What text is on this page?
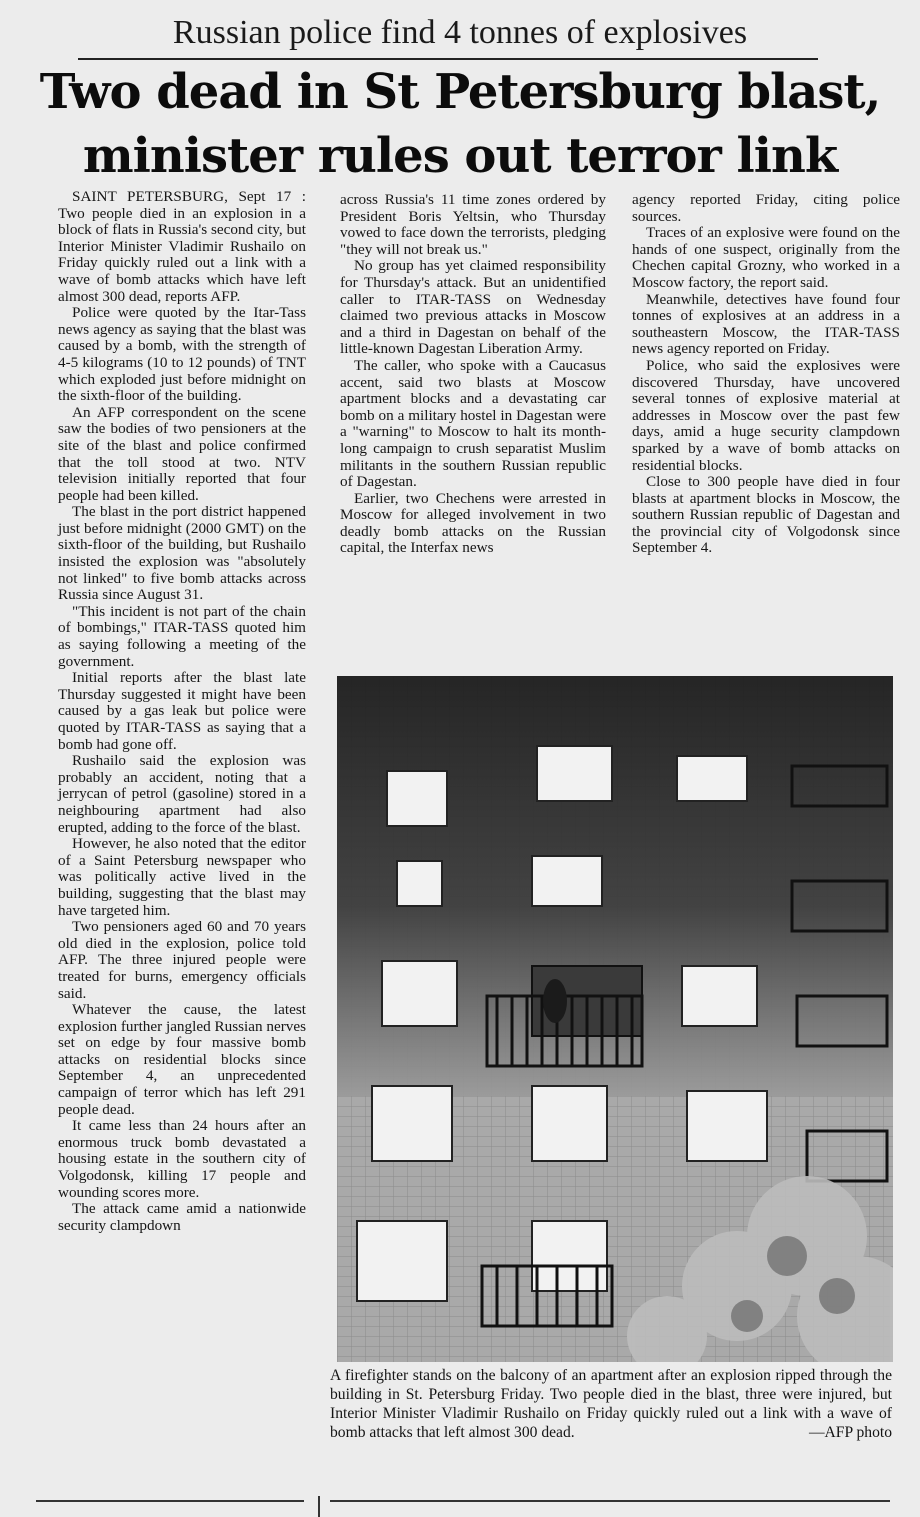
Russian police find 4 tonnes of explosives
Two dead in St Petersburg blast,
minister rules out terror link

SAINT PETERSBURG, Sept 17 : Two people died in an explosion in a block of flats in Russia's second city, but Interior Minister Vladimir Rushailo on Friday quickly ruled out a link with a wave of bomb attacks which have left almost 300 dead, reports AFP.

Police were quoted by the Itar-Tass news agency as saying that the blast was caused by a bomb, with the strength of 4-5 kilograms (10 to 12 pounds) of TNT which exploded just before midnight on the sixth-floor of the building.

An AFP correspondent on the scene saw the bodies of two pensioners at the site of the blast and police confirmed that the toll stood at two. NTV television initially reported that four people had been killed.

The blast in the port district happened just before midnight (2000 GMT) on the sixth-floor of the building, but Rushailo insisted the explosion was "absolutely not linked" to five bomb attacks across Russia since August 31.

"This incident is not part of the chain of bombings," ITAR-TASS quoted him as saying following a meeting of the government.

Initial reports after the blast late Thursday suggested it might have been caused by a gas leak but police were quoted by ITAR-TASS as saying that a bomb had gone off.

Rushailo said the explosion was probably an accident, noting that a jerrycan of petrol (gasoline) stored in a neighbouring apartment had also erupted, adding to the force of the blast.

However, he also noted that the editor of a Saint Petersburg newspaper who was politically active lived in the building, suggesting that the blast may have targeted him.

Two pensioners aged 60 and 70 years old died in the explosion, police told AFP. The three injured people were treated for burns, emergency officials said.

Whatever the cause, the latest explosion further jangled Russian nerves set on edge by four massive bomb attacks on residential blocks since September 4, an unprecedented campaign of terror which has left 291 people dead.

It came less than 24 hours after an enormous truck bomb devastated a housing estate in the southern city of Volgodonsk, killing 17 people and wounding scores more.

The attack came amid a nationwide security clampdown

across Russia's 11 time zones ordered by President Boris Yeltsin, who Thursday vowed to face down the terrorists, pledging "they will not break us."

No group has yet claimed responsibility for Thursday's attack. But an unidentified caller to ITAR-TASS on Wednesday claimed two previous attacks in Moscow and a third in Dagestan on behalf of the little-known Dagestan Liberation Army.

The caller, who spoke with a Caucasus accent, said two blasts at Moscow apartment blocks and a devastating car bomb on a military hostel in Dagestan were a "warning" to Moscow to halt its month-long campaign to crush separatist Muslim militants in the southern Russian republic of Dagestan.

Earlier, two Chechens were arrested in Moscow for alleged involvement in two deadly bomb attacks on the Russian capital, the Interfax news

agency reported Friday, citing police sources.

Traces of an explosive were found on the hands of one suspect, originally from the Chechen capital Grozny, who worked in a Moscow factory, the report said.

Meanwhile, detectives have found four tonnes of explosives at an address in a southeastern Moscow, the ITAR-TASS news agency reported on Friday.

Police, who said the explosives were discovered Thursday, have uncovered several tonnes of explosive material at addresses in Moscow over the past few days, amid a huge security clampdown sparked by a wave of bomb attacks on residential blocks.

Close to 300 people have died in four blasts at apartment blocks in Moscow, the southern Russian republic of Dagestan and the provincial city of Volgodonsk since September 4.

A firefighter stands on the balcony of an apartment after an explosion ripped through the building in St. Petersburg Friday. Two people died in the blast, three were injured, but Interior Minister Vladimir Rushailo on Friday quickly ruled out a link with a wave of bomb attacks that left almost 300 dead.	—AFP photo
